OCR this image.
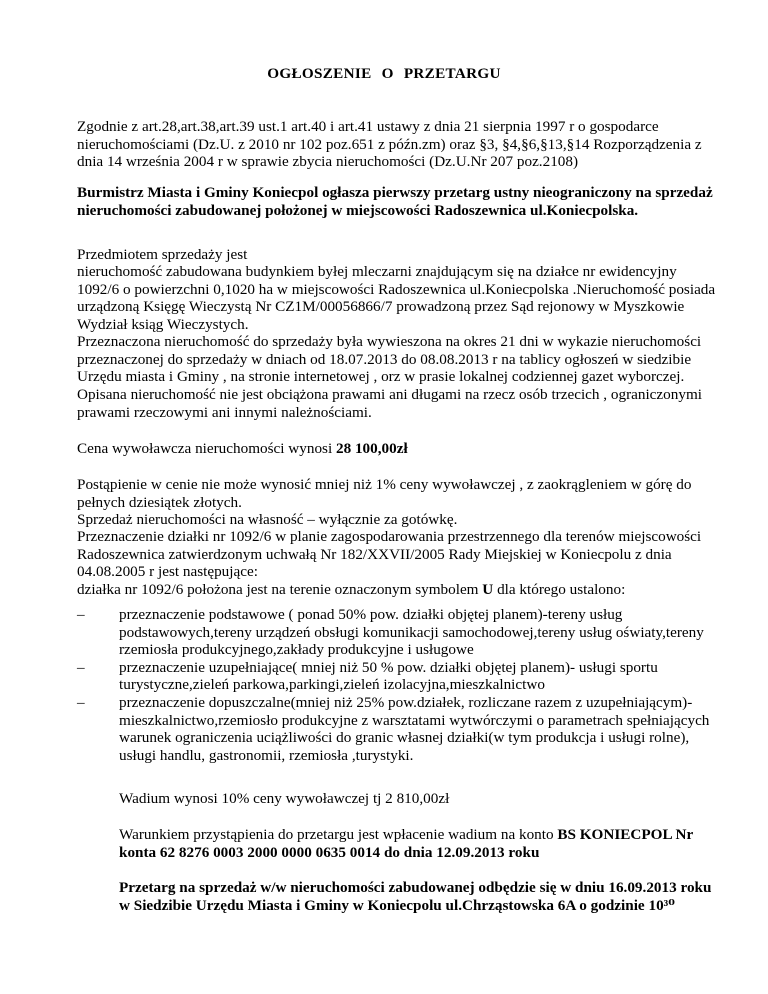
OGŁOSZENIE O PRZETARGU

Zgodnie z art.28,art.38,art.39 ust.1 art.40 i art.41 ustawy z dnia 21 sierpnia 1997 r o gospodarce nieruchomościami (Dz.U. z 2010 nr 102 poz.651 z późn.zm) oraz §3, §4,§6,§13,§14 Rozporządzenia z dnia 14 września 2004 r w sprawie zbycia nieruchomości (Dz.U.Nr 207 poz.2108)

Burmistrz Miasta i Gminy Koniecpol ogłasza pierwszy przetarg ustny nieograniczony na sprzedaż nieruchomości zabudowanej położonej w miejscowości Radoszewnica ul.Koniecpolska.

Przedmiotem sprzedaży jest

nieruchomość zabudowana budynkiem byłej mleczarni znajdującym się na działce nr ewidencyjny 1092/6 o powierzchni 0,1020 ha w miejscowości Radoszewnica ul.Koniecpolska .Nieruchomość posiada urządzoną Księgę Wieczystą Nr CZ1M/00056866/7 prowadzoną przez Sąd rejonowy w Myszkowie Wydział ksiąg Wieczystych.

Przeznaczona nieruchomość do sprzedaży była wywieszona na okres 21 dni w wykazie nieruchomości przeznaczonej do sprzedaży w dniach od 18.07.2013 do 08.08.2013 r na tablicy ogłoszeń w siedzibie Urzędu miasta i Gminy , na stronie internetowej , orz w prasie lokalnej codziennej gazet wyborczej.

Opisana nieruchomość nie jest obciążona prawami ani długami na rzecz osób trzecich , ograniczonymi prawami rzeczowymi ani innymi należnościami.

Cena wywoławcza nieruchomości wynosi 28 100,00zł

Postąpienie w cenie nie może wynosić mniej niż 1% ceny wywoławczej , z zaokrągleniem w górę do pełnych dziesiątek złotych.

Sprzedaż nieruchomości na własność – wyłącznie za gotówkę.

Przeznaczenie działki nr 1092/6 w planie zagospodarowania przestrzennego dla terenów miejscowości Radoszewnica zatwierdzonym uchwałą Nr 182/XXVII/2005 Rady Miejskiej w Koniecpolu z dnia 04.08.2005 r jest następujące:

działka nr 1092/6 położona jest na terenie oznaczonym symbolem U dla którego ustalono:

– przeznaczenie podstawowe ( ponad 50% pow. działki objętej planem)-tereny usług podstawowych,tereny urządzeń obsługi komunikacji samochodowej,tereny usług oświaty,tereny rzemiosła produkcyjnego,zakłady produkcyjne i usługowe
– przeznaczenie uzupełniające( mniej niż 50 % pow. działki objętej planem)- usługi sportu turystyczne,zieleń parkowa,parkingi,zieleń izolacyjna,mieszkalnictwo
– przeznaczenie dopuszczalne(mniej niż 25% pow.działek, rozliczane razem z uzupełniającym)-mieszkalnictwo,rzemiosło produkcyjne z warsztatami wytwórczymi o parametrach spełniających warunek ograniczenia uciążliwości do granic własnej działki(w tym produkcja i usługi rolne), usługi handlu, gastronomii, rzemiosła ,turystyki.

Wadium wynosi 10% ceny wywoławczej tj 2 810,00zł

Warunkiem przystąpienia do przetargu jest wpłacenie wadium na konto BS KONIECPOL Nr konta 62 8276 0003 2000 0000 0635 0014 do dnia 12.09.2013 roku

Przetarg na sprzedaż w/w nieruchomości zabudowanej odbędzie się w dniu 16.09.2013 roku w Siedzibie Urzędu Miasta i Gminy w Koniecpolu ul.Chrząstowska 6A o godzinie 10³⁰
